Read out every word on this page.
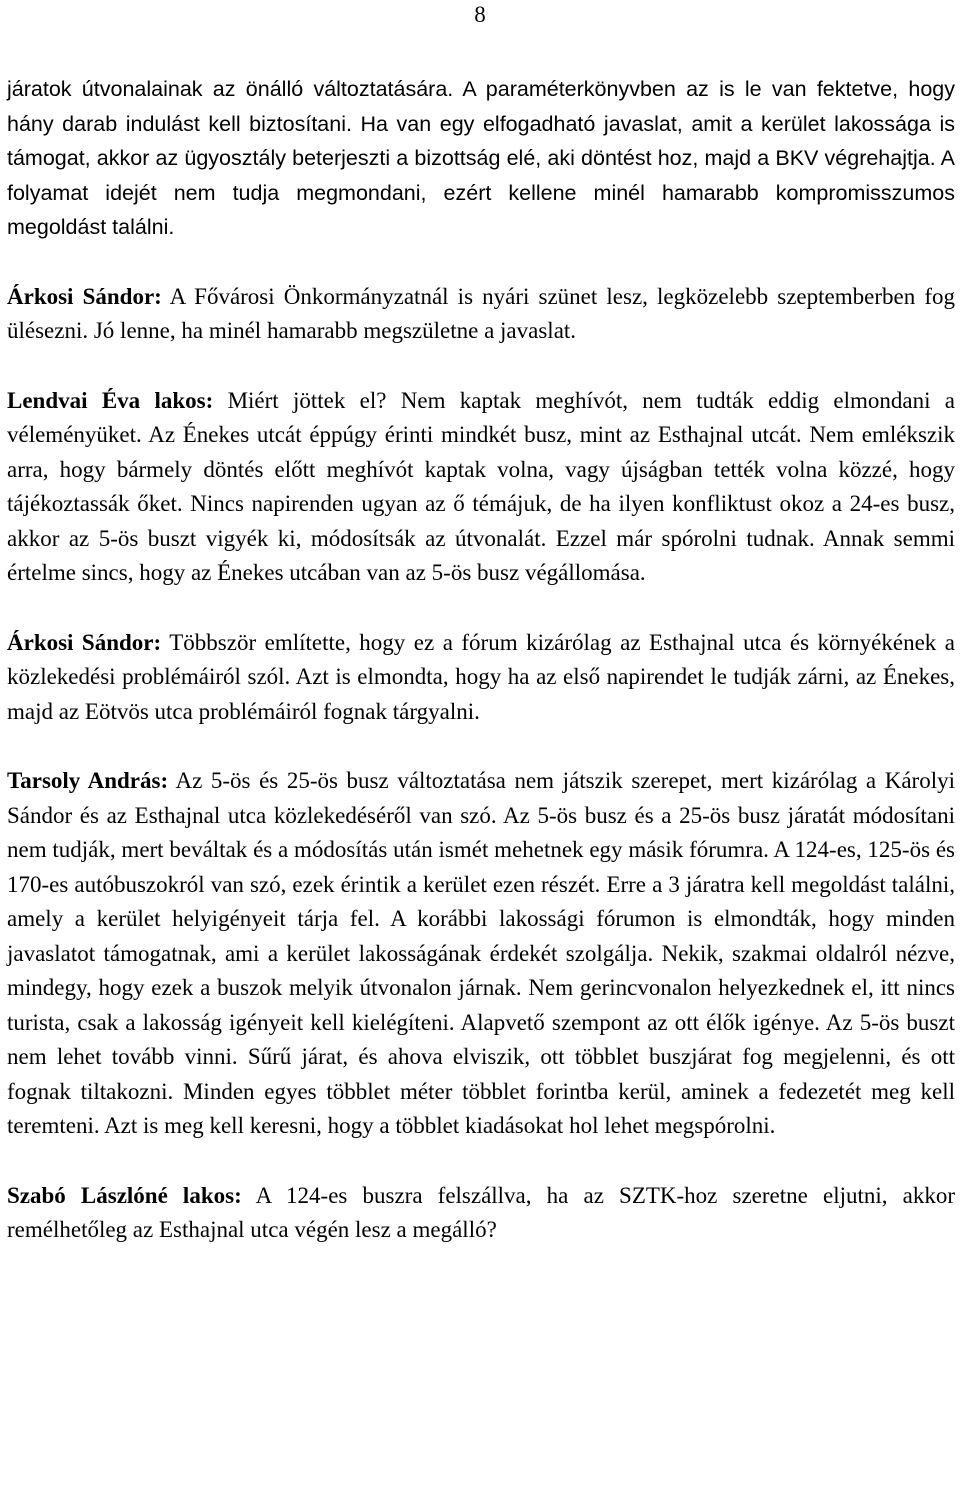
8

járatok útvonalainak az önálló változtatására. A paraméterkönyvben az is le van fektetve, hogy hány darab indulást kell biztosítani. Ha van egy elfogadható javaslat, amit a kerület lakossága is támogat, akkor az ügyosztály beterjeszti a bizottság elé, aki döntést hoz, majd a BKV végrehajtja. A folyamat idejét nem tudja megmondani, ezért kellene minél hamarabb kompromisszumos megoldást találni.

Árkosi Sándor: A Fővárosi Önkormányzatnál is nyári szünet lesz, legközelebb szeptemberben fog ülésezni. Jó lenne, ha minél hamarabb megszületne a javaslat.

Lendvai Éva lakos: Miért jöttek el? Nem kaptak meghívót, nem tudták eddig elmondani a véleményüket. Az Énekes utcát éppúgy érinti mindkét busz, mint az Esthajnal utcát. Nem emlékszik arra, hogy bármely döntés előtt meghívót kaptak volna, vagy újságban tették volna közzé, hogy tájékoztassák őket. Nincs napirenden ugyan az ő témájuk, de ha ilyen konfliktust okoz a 24-es busz, akkor az 5-ös buszt vigyék ki, módosítsák az útvonalát. Ezzel már spórolni tudnak. Annak semmi értelme sincs, hogy az Énekes utcában van az 5-ös busz végállomása.

Árkosi Sándor: Többször említette, hogy ez a fórum kizárólag az Esthajnal utca és környékének a közlekedési problémáiról szól. Azt is elmondta, hogy ha az első napirendet le tudják zárni, az Énekes, majd az Eötvös utca problémáiról fognak tárgyalni.

Tarsoly András: Az 5-ös és 25-ös busz változtatása nem játszik szerepet, mert kizárólag a Károlyi Sándor és az Esthajnal utca közlekedéséről van szó. Az 5-ös busz és a 25-ös busz járatát módosítani nem tudják, mert beváltak és a módosítás után ismét mehetnek egy másik fórumra. A 124-es, 125-ös és 170-es autóbuszokról van szó, ezek érintik a kerület ezen részét. Erre a 3 járatra kell megoldást találni, amely a kerület helyigényeit tárja fel. A korábbi lakossági fórumon is elmondták, hogy minden javaslatot támogatnak, ami a kerület lakosságának érdekét szolgálja. Nekik, szakmai oldalról nézve, mindegy, hogy ezek a buszok melyik útvonalon járnak. Nem gerincvonalon helyezkednek el, itt nincs turista, csak a lakosság igényeit kell kielégíteni. Alapvető szempont az ott élők igénye. Az 5-ös buszt nem lehet tovább vinni. Sűrű járat, és ahova elviszik, ott többlet buszjárat fog megjelenni, és ott fognak tiltakozni. Minden egyes többlet méter többlet forintba kerül, aminek a fedezetét meg kell teremteni. Azt is meg kell keresni, hogy a többlet kiadásokat hol lehet megspórolni.

Szabó Lászlóné lakos: A 124-es buszra felszállva, ha az SZTK-hoz szeretne eljutni, akkor remélhetőleg az Esthajnal utca végén lesz a megálló?
